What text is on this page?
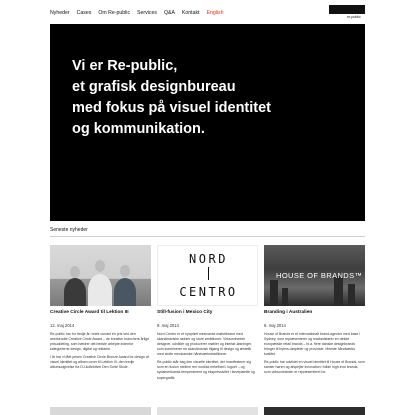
Nyheder Cases Om Re-public Services Q&A Kontakt English
re-public
Vi er Re-public,
et grafisk designbureau
med fokus på visuel identitet
og kommunikation.
Seneste nyheder
Creative Circle Award til Lektion III
12. maj 2014

Re-public har for tredje år i træk vundet en pris ved den anerkendte Creative Circle Award – de kreative branchers årlige prisuddeling, som hædrer det bedste arbejde indenfor kategorierne design, digital og reklame.

I år har vi fået prisen Creative Circle Bronze Award for design af visuel identitet og album cover til Lektion III, den tredje albumudgivelse fra DJ-kollektivet Den Sorte Skole.

NORD
CENTRO
Still-fusion i Mexico City
9. maj 2014

Nord Centro er et nyopført mexicansk møbelbrand med skandinaviske rødder og store ambitioner. Virksomheden designer, udvikler og producerer møbler og interiør-løsninger, som kombinerer en skandinavisk tilgang til design og æstetik med stolte mexicanske håndværkstraditioner.

Re-public står bag den visuelle identitet, der manifesterer sig som en fusion mellem ren nordisk enkelhed i logoet – og sydamerikansk temperament og ekspressivitet i farvepalette og supergrafik.

HOUSE OF BRANDS™
Branding i Australien
8. maj 2014

House of Brands er et internationalt brand-agentur med base i Sydney, som repræsenterer og markedsfører en række europæiske retail brands – bl.a. flere danske designbrands bringer til byens dørpleier og provinser i fineste håndværks kvalitet.

Re-public har udviklet en visuel identitet til House of Brands, som samler høren og afspejler innovation i både high-end brands, som virksomheden er repræsenteret for.
